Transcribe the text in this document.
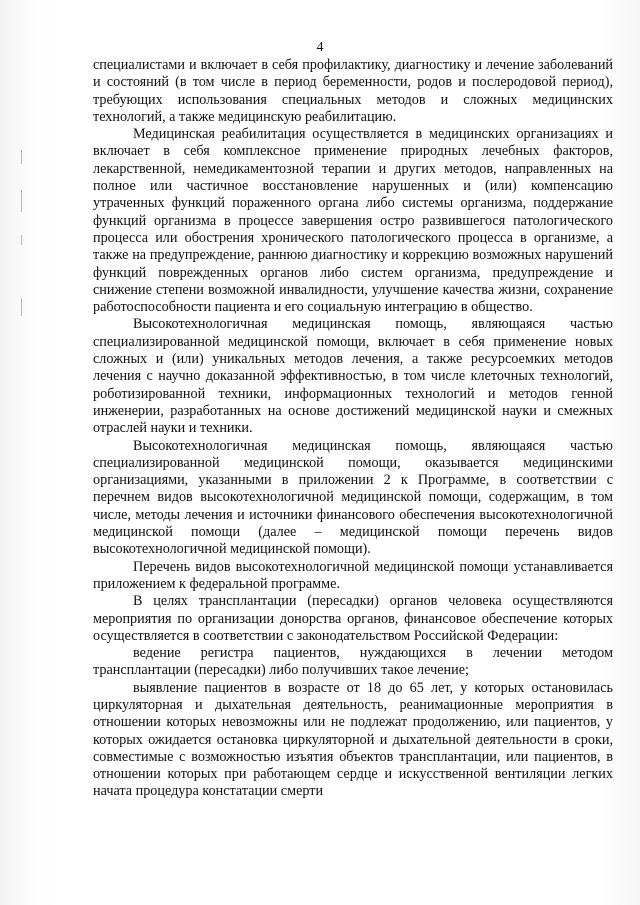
4

специалистами и включает в себя профилактику, диагностику и лечение заболеваний и состояний (в том числе в период беременности, родов и послеродовой период), требующих использования специальных методов и сложных медицинских технологий, а также медицинскую реабилитацию.

Медицинская реабилитация осуществляется в медицинских организациях и включает в себя комплексное применение природных лечебных факторов, лекарственной, немедикаментозной терапии и других методов, направленных на полное или частичное восстановление нарушенных и (или) компенсацию утраченных функций пораженного органа либо системы организма, поддержание функций организма в процессе завершения остро развившегося патологического процесса или обострения хронического патологического процесса в организме, а также на предупреждение, раннюю диагностику и коррекцию возможных нарушений функций поврежденных органов либо систем организма, предупреждение и снижение степени возможной инвалидности, улучшение качества жизни, сохранение работоспособности пациента и его социальную интеграцию в общество.

Высокотехнологичная медицинская помощь, являющаяся частью специализированной медицинской помощи, включает в себя применение новых сложных и (или) уникальных методов лечения, а также ресурсоемких методов лечения с научно доказанной эффективностью, в том числе клеточных технологий, роботизированной техники, информационных технологий и методов генной инженерии, разработанных на основе достижений медицинской науки и смежных отраслей науки и техники.

Высокотехнологичная медицинская помощь, являющаяся частью специализированной медицинской помощи, оказывается медицинскими организациями, указанными в приложении 2 к Программе, в соответствии с перечнем видов высокотехнологичной медицинской помощи, содержащим, в том числе, методы лечения и источники финансового обеспечения высокотехнологичной медицинской помощи (далее – медицинской помощи перечень видов высокотехнологичной медицинской помощи).

Перечень видов высокотехнологичной медицинской помощи устанавливается приложением к федеральной программе.

В целях трансплантации (пересадки) органов человека осуществляются мероприятия по организации донорства органов, финансовое обеспечение которых осуществляется в соответствии с законодательством Российской Федерации:

ведение регистра пациентов, нуждающихся в лечении методом трансплантации (пересадки) либо получивших такое лечение;

выявление пациентов в возрасте от 18 до 65 лет, у которых остановилась циркуляторная и дыхательная деятельность, реанимационные мероприятия в отношении которых невозможны или не подлежат продолжению, или пациентов, у которых ожидается остановка циркуляторной и дыхательной деятельности в сроки, совместимые с возможностью изъятия объектов трансплантации, или пациентов, в отношении которых при работающем сердце и искусственной вентиляции легких начата процедура констатации смерти
